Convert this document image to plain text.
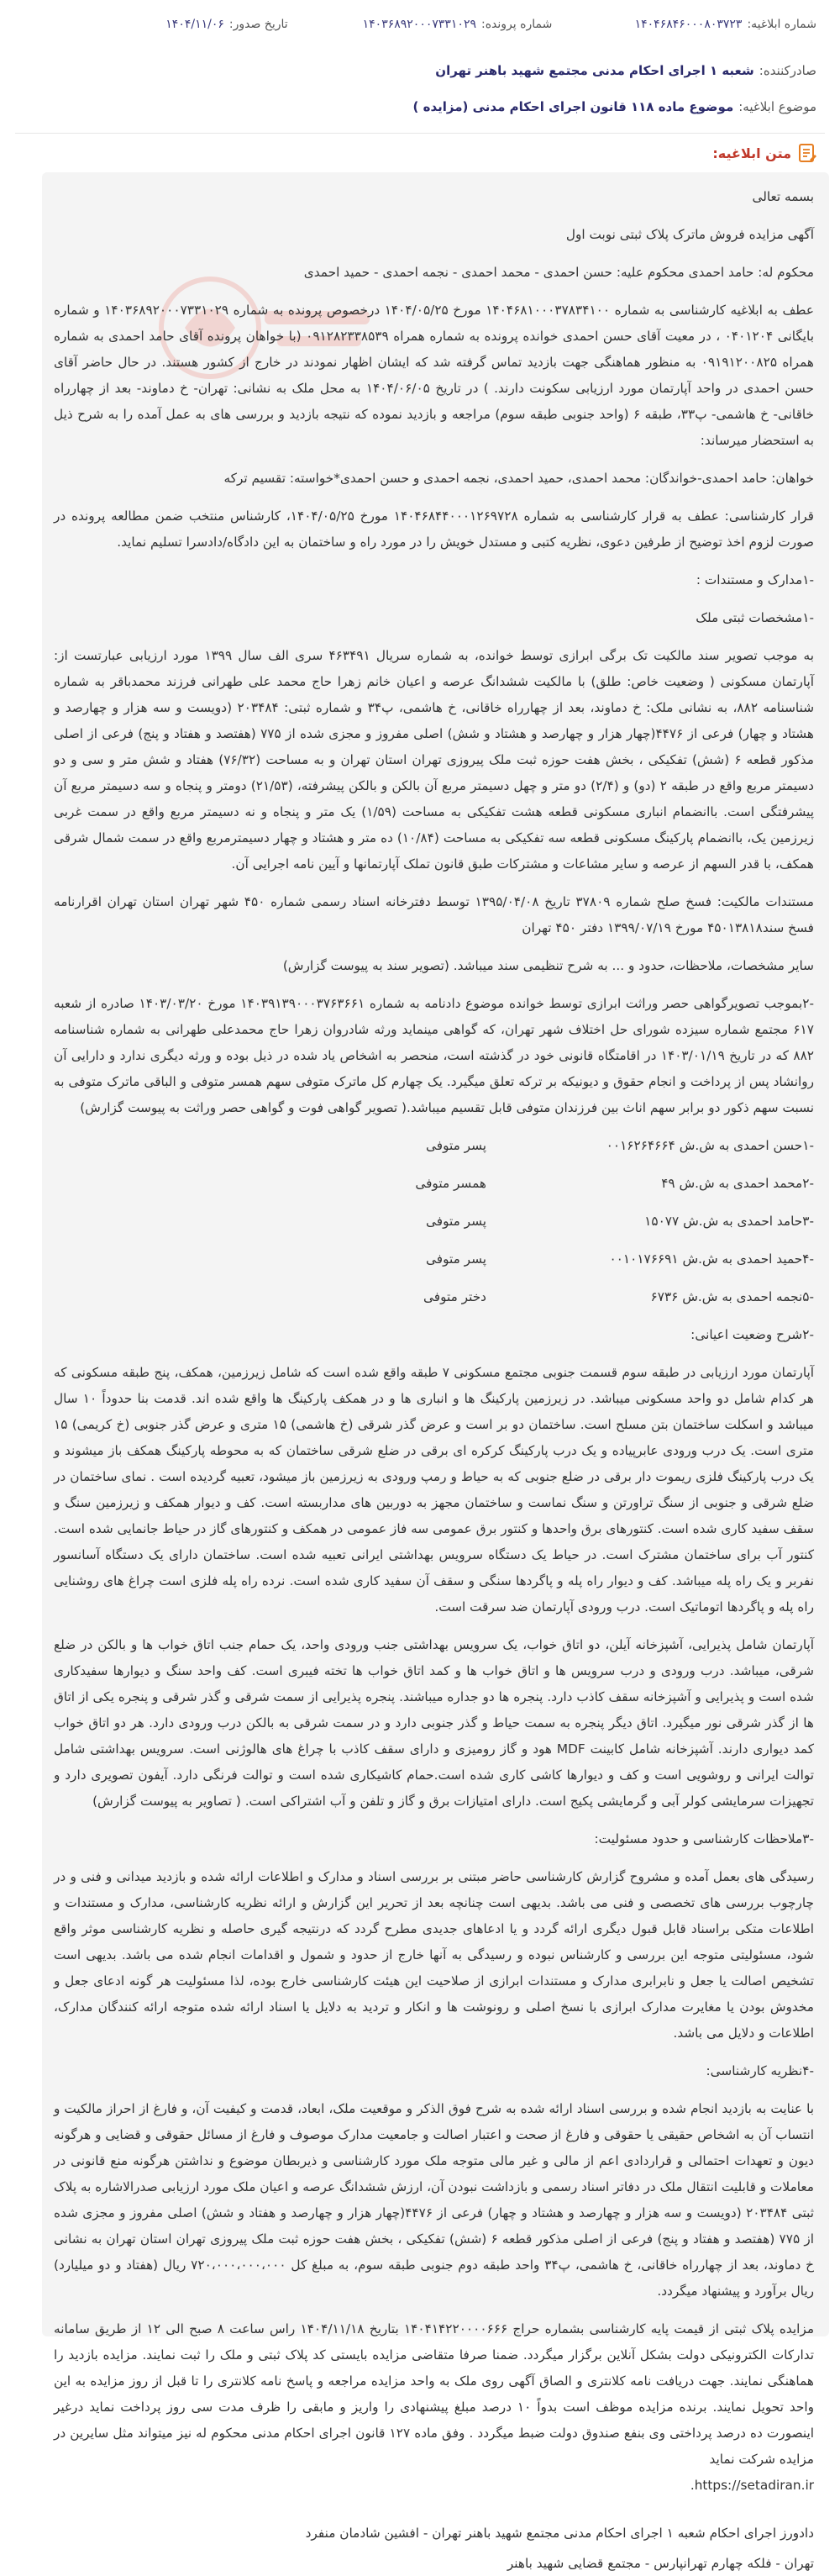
شماره ابلاغیه:۱۴۰۴۶۸۴۶۰۰۰۸۰۳۷۲۳
شماره پرونده:۱۴۰۳۶۸۹۲۰۰۰۷۳۳۱۰۲۹
تاریخ صدور:۱۴۰۴/۱۱/۰۶
صادرکننده:شعبه ۱ اجرای احکام مدنی مجتمع شهید باهنر تهران
موضوع ابلاغیه:موضوع ماده ۱۱۸ قانون اجرای احکام مدنی (مزایده )
متن ابلاغیه:
بسمه تعالی
آگهی مزایده فروش ماترک پلاک ثبتی نوبت اول
محکوم له: حامد احمدی محکوم علیه: حسن احمدی - محمد احمدی - نجمه احمدی - حمید احمدی
عطف به ابلاغیه کارشناسی به شماره ۱۴۰۴۶۸۱۰۰۰۳۷۸۳۴۱۰۰ مورخ ۱۴۰۴/۰۵/۲۵ درخصوص پرونده به شماره ۱۴۰۳۶۸۹۲۰۰۰۷۳۳۱۰۲۹ و شماره بایگانی ۰۴۰۱۲۰۴ ، در معیت آقای حسن احمدی خوانده پرونده به شماره همراه ۰۹۱۲۸۲۳۳۸۵۳۹ (با خواهان پرونده آقای حامد احمدی به شماره همراه ۰۹۱۹۱۲۰۰۸۲۵ به منظور هماهنگی جهت بازدید تماس گرفته شد که ایشان اظهار نمودند در خارج از کشور هستند. در حال حاضر آقای حسن احمدی در واحد آپارتمان مورد ارزیابی سکونت دارند. ) در تاریخ ۱۴۰۴/۰۶/۰۵ به محل ملک به نشانی: تهران- خ دماوند- بعد از چهارراه خاقانی- خ هاشمی- پ۳۳، طبقه ۶ (واحد جنوبی طبقه سوم) مراجعه و بازدید نموده که نتیجه بازدید و بررسی های به عمل آمده را به شرح ذیل به استحضار میرساند:
خواهان: حامد احمدی-خواندگان: محمد احمدی، حمید احمدی، نجمه احمدی و حسن احمدی*خواسته: تقسیم ترکه
قرار کارشناسی: عطف به قرار کارشناسی به شماره ۱۴۰۴۶۸۴۴۰۰۰۱۲۶۹۷۲۸ مورخ ۱۴۰۴/۰۵/۲۵، کارشناس منتخب ضمن مطالعه پرونده در صورت لزوم اخذ توضیح از طرفین دعوی، نظریه کتبی و مستدل خویش را در مورد راه و ساختمان به این دادگاه/دادسرا تسلیم نماید.
-۱مدارک و مستندات :
-۱مشخصات ثبتی ملک
به موجب تصویر سند مالکیت تک برگی ابرازی توسط خوانده، به شماره سریال ۴۶۳۴۹۱ سری الف سال ۱۳۹۹ مورد ارزیابی عبارتست از: آپارتمان مسکونی ( وضعیت خاص: طلق) با مالکیت ششدانگ عرصه و اعیان خانم زهرا حاج محمد علی طهرانی فرزند محمدباقر به شماره شناسنامه ۸۸۲، به نشانی ملک: خ دماوند، بعد از چهارراه خاقانی، خ هاشمی، پ۳۴ و شماره ثبتی: ۲۰۳۴۸۴ (دویست و سه هزار و چهارصد و هشتاد و چهار) فرعی از ۴۴۷۶(چهار هزار و چهارصد و هشتاد و شش) اصلی مفروز و مجزی شده از ۷۷۵ (هفتصد و هفتاد و پنج) فرعی از اصلی مذکور قطعه ۶ (شش) تفکیکی ، بخش هفت حوزه ثبت ملک پیروزی تهران استان تهران و به مساحت (۷۶/۳۲) هفتاد و شش متر و سی و دو دسیمتر مربع واقع در طبقه ۲ (دو) و (۲/۴) دو متر و چهل دسیمتر مربع آن بالکن و بالکن پیشرفته، (۲۱/۵۳) دومتر و پنجاه و سه دسیمتر مربع آن پیشرفتگی است. باانضمام انباری مسکونی قطعه هشت تفکیکی به مساحت (۱/۵۹) یک متر و پنجاه و نه دسیمتر مربع واقع در سمت غربی زیرزمین یک، باانضمام پارکینگ مسکونی قطعه سه تفکیکی به مساحت (۱۰/۸۴) ده متر و هشتاد و چهار دسیمترمربع واقع در سمت شمال شرقی همکف، با قدر السهم از عرصه و سایر مشاعات و مشترکات طبق قانون تملک آپارتمانها و آیین نامه اجرایی آن.
مستندات مالکیت: فسخ صلح شماره ۳۷۸۰۹ تاریخ ۱۳۹۵/۰۴/۰۸ توسط دفترخانه اسناد رسمی شماره ۴۵۰ شهر تهران استان تهران اقرارنامه فسخ سند۴۵۰۱۳۸۱۸ مورخ ۱۳۹۹/۰۷/۱۹ دفتر ۴۵۰ تهران
سایر مشخصات، ملاحظات، حدود و ... به شرح تنظیمی سند میباشد. (تصویر سند به پیوست گزارش)
-۲بموجب تصویرگواهی حصر وراثت ابرازی توسط خوانده موضوع دادنامه به شماره ۱۴۰۳۹۱۳۹۰۰۰۳۷۶۳۶۶۱ مورخ ۱۴۰۳/۰۳/۲۰ صادره از شعبه ۶۱۷ مجتمع شماره سیزده شورای حل اختلاف شهر تهران، که گواهی مینماید ورثه شادروان زهرا حاج محمدعلی طهرانی به شماره شناسنامه ۸۸۲ که در تاریخ ۱۴۰۳/۰۱/۱۹ در اقامتگاه قانونی خود در گذشته است، منحصر به اشخاص یاد شده در ذیل بوده و ورثه دیگری ندارد و دارایی آن روانشاد پس از پرداخت و انجام حقوق و دیونیکه بر ترکه تعلق میگیرد. یک چهارم کل ماترک متوفی سهم همسر متوفی و الباقی ماترک متوفی به نسبت سهم ذکور دو برابر سهم اناث بین فرزندان متوفی قابل تقسیم میباشد.( تصویر گواهی فوت و گواهی حصر وراثت به پیوست گزارش)
-۱حسن احمدی به ش.ش ۰۰۱۶۲۶۴۶۶۴
پسر متوفی
-۲محمد احمدی به ش.ش ۴۹
همسر متوفی
-۳حامد احمدی به ش.ش ۱۵۰۷۷
پسر متوفی
-۴حمید احمدی به ش.ش ۰۰۱۰۱۷۶۶۹۱
پسر متوفی
-۵نجمه احمدی به ش.ش ۶۷۳۶
دختر متوفی
-۲شرح وضعیت اعیانی:
آپارتمان مورد ارزیابی در طبقه سوم قسمت جنوبی مجتمع مسکونی ۷ طبقه واقع شده است که شامل زیرزمین، همکف، پنج طبقه مسکونی که هر کدام شامل دو واحد مسکونی میباشد. در زیرزمین پارکینگ ها و انباری ها و در همکف پارکینگ ها واقع شده اند. قدمت بنا حدوداً ۱۰ سال میباشد و اسکلت ساختمان بتن مسلح است. ساختمان دو بر است و عرض گذر شرقی (خ هاشمی) ۱۵ متری و عرض گذر جنوبی (خ کریمی) ۱۵ متری است. یک درب ورودی عابرپیاده و یک درب پارکینگ کرکره ای برقی در ضلع شرقی ساختمان که به محوطه پارکینگ همکف باز میشوند و یک درب پارکینگ فلزی ریموت دار برقی در ضلع جنوبی که به حیاط و رمپ ورودی به زیرزمین باز میشود، تعبیه گردیده است . نمای ساختمان در ضلع شرقی و جنوبی از سنگ تراورتن و سنگ نماست و ساختمان مجهز به دوربین های مداربسته است. کف و دیوار همکف و زیرزمین سنگ و سقف سفید کاری شده است. کنتورهای برق واحدها و کنتور برق عمومی سه فاز عمومی در همکف و کنتورهای گاز در حیاط جانمایی شده است. کنتور آب برای ساختمان مشترک است. در حیاط یک دستگاه سرویس بهداشتی ایرانی تعبیه شده است. ساختمان دارای یک دستگاه آسانسور نفربر و یک راه پله میباشد. کف و دیوار راه پله و پاگردها سنگی و سقف آن سفید کاری شده است. نرده راه پله فلزی است چراغ های روشنایی راه پله و پاگردها اتوماتیک است. درب ورودی آپارتمان ضد سرقت است.
آپارتمان شامل پذیرایی، آشپزخانه آیلن، دو اتاق خواب، یک سرویس بهداشتی جنب ورودی واحد، یک حمام جنب اتاق خواب ها و بالکن در ضلع شرقی، میباشد. درب ورودی و درب سرویس ها و اتاق خواب ها و کمد اتاق خواب ها تخته فیبری است. کف واحد سنگ و دیوارها سفیدکاری شده است و پذیرایی و آشپزخانه سقف کاذب دارد. پنجره ها دو جداره میباشند. پنجره پذیرایی از سمت شرقی و گذر شرقی و پنجره یکی از اتاق ها از گذر شرقی نور میگیرد. اتاق دیگر پنجره به سمت حیاط و گذر جنوبی دارد و در سمت شرقی به بالکن درب ورودی دارد. هر دو اتاق خواب کمد دیواری دارند. آشپزخانه شامل کابینت MDF هود و گاز رومیزی و دارای سقف کاذب با چراغ های هالوژنی است. سرویس بهداشتی شامل توالت ایرانی و روشویی است و کف و دیوارها کاشی کاری شده است.حمام کاشیکاری شده است و توالت فرنگی دارد. آیفون تصویری دارد و تجهیزات سرمایشی کولر آبی و گرمایشی پکیج است. دارای امتیازات برق و گاز و تلفن و آب اشتراکی است. ( تصاویر به پیوست گزارش)
-۳ملاحظات کارشناسی و حدود مسئولیت:
رسیدگی های بعمل آمده و مشروح گزارش کارشناسی حاضر مبتنی بر بررسی اسناد و مدارک و اطلاعات ارائه شده و بازدید میدانی و فنی و در چارچوب بررسی های تخصصی و فنی می باشد. بدیهی است چنانچه بعد از تحریر این گزارش و ارائه نظریه کارشناسی، مدارک و مستندات و اطلاعات متکی براسناد قابل قبول دیگری ارائه گردد و یا ادعاهای جدیدی مطرح گردد که درنتیجه گیری حاصله و نظریه کارشناسی موثر واقع شود، مسئولیتی متوجه این بررسی و کارشناس نبوده و رسیدگی به آنها خارج از حدود و شمول و اقدامات انجام شده می باشد. بدیهی است تشخیص اصالت یا جعل و نابرابری مدارک و مستندات ابرازی از صلاحیت این هیئت کارشناسی خارج بوده، لذا مسئولیت هر گونه ادعای جعل و مخدوش بودن یا مغایرت مدارک ابرازی با نسخ اصلی و رونوشت ها و انکار و تردید به دلایل یا اسناد ارائه شده متوجه ارائه کنندگان مدارک، اطلاعات و دلایل می باشد.
-۴نظریه کارشناسی:
با عنایت به بازدید انجام شده و بررسی اسناد ارائه شده به شرح فوق الذکر و موقعیت ملک، ابعاد، قدمت و کیفیت آن، و فارغ از احراز مالکیت و انتساب آن به اشخاص حقیقی یا حقوقی و فارغ از صحت و اعتبار اصالت و جامعیت مدارک موصوف و فارغ از مسائل حقوقی و قضایی و هرگونه دیون و تعهدات احتمالی و قراردادی اعم از مالی و غیر مالی متوجه ملک مورد کارشناسی و ذیربطان موضوع و نداشتن هرگونه منع قانونی در معاملات و قابلیت انتقال ملک در دفاتر اسناد رسمی و بازداشت نبودن آن، ارزش ششدانگ عرصه و اعیان ملک مورد ارزیابی صدرالاشاره به پلاک ثبتی ۲۰۳۴۸۴ (دویست و سه هزار و چهارصد و هشتاد و چهار) فرعی از ۴۴۷۶(چهار هزار و چهارصد و هفتاد و شش) اصلی مفروز و مجزی شده از ۷۷۵ (هفتصد و هفتاد و پنج) فرعی از اصلی مذکور قطعه ۶ (شش) تفکیکی ، بخش هفت حوزه ثبت ملک پیروزی تهران استان تهران به نشانی خ دماوند، بعد از چهارراه خاقانی، خ هاشمی، پ۳۴ واحد طبقه دوم جنوبی طبقه سوم، به مبلغ کل ۷۲۰،۰۰۰،۰۰۰،۰۰۰ ریال (هفتاد و دو میلیارد) ریال برآورد و پیشنهاد میگردد.
مزایده پلاک ثبتی از قیمت پایه کارشناسی بشماره حراج ۱۴۰۴۱۴۲۲۰۰۰۰۶۶۶ بتاریخ ۱۴۰۴/۱۱/۱۸ راس ساعت ۸ صبح الی ۱۲ از طریق سامانه تدارکات الکترونیکی دولت بشکل آنلاین برگزار میگردد. ضمنا صرفا متقاضی مزایده بایستی کد پلاک ثبتی و ملک را ثبت نمایند. مزایده بازدید را هماهنگی نمایند. جهت دریافت نامه کلانتری و الصاق آگهی روی ملک به واحد مزایده مراجعه و پاسخ نامه کلانتری را تا قبل از روز مزایده به این واحد تحویل نمایند. برنده مزایده موظف است بدواً ۱۰ درصد مبلغ پیشنهادی را واریز و مابقی را ظرف مدت سی روز پرداخت نماید درغیر اینصورت ده درصد پرداختی وی بنفع صندوق دولت ضبط میگردد . وفق ماده ۱۲۷ قانون اجرای احکام مدنی محکوم له نیز میتواند مثل سایرین در مزایده شرکت نماید
https://setadiran.ir.
دادورز اجرای احکام شعبه ۱ اجرای احکام مدنی مجتمع شهید باهنر تهران - افشین شادمان منفرد
تهران - فلکه چهارم تهرانپارس - مجتمع قضایی شهید باهنر
